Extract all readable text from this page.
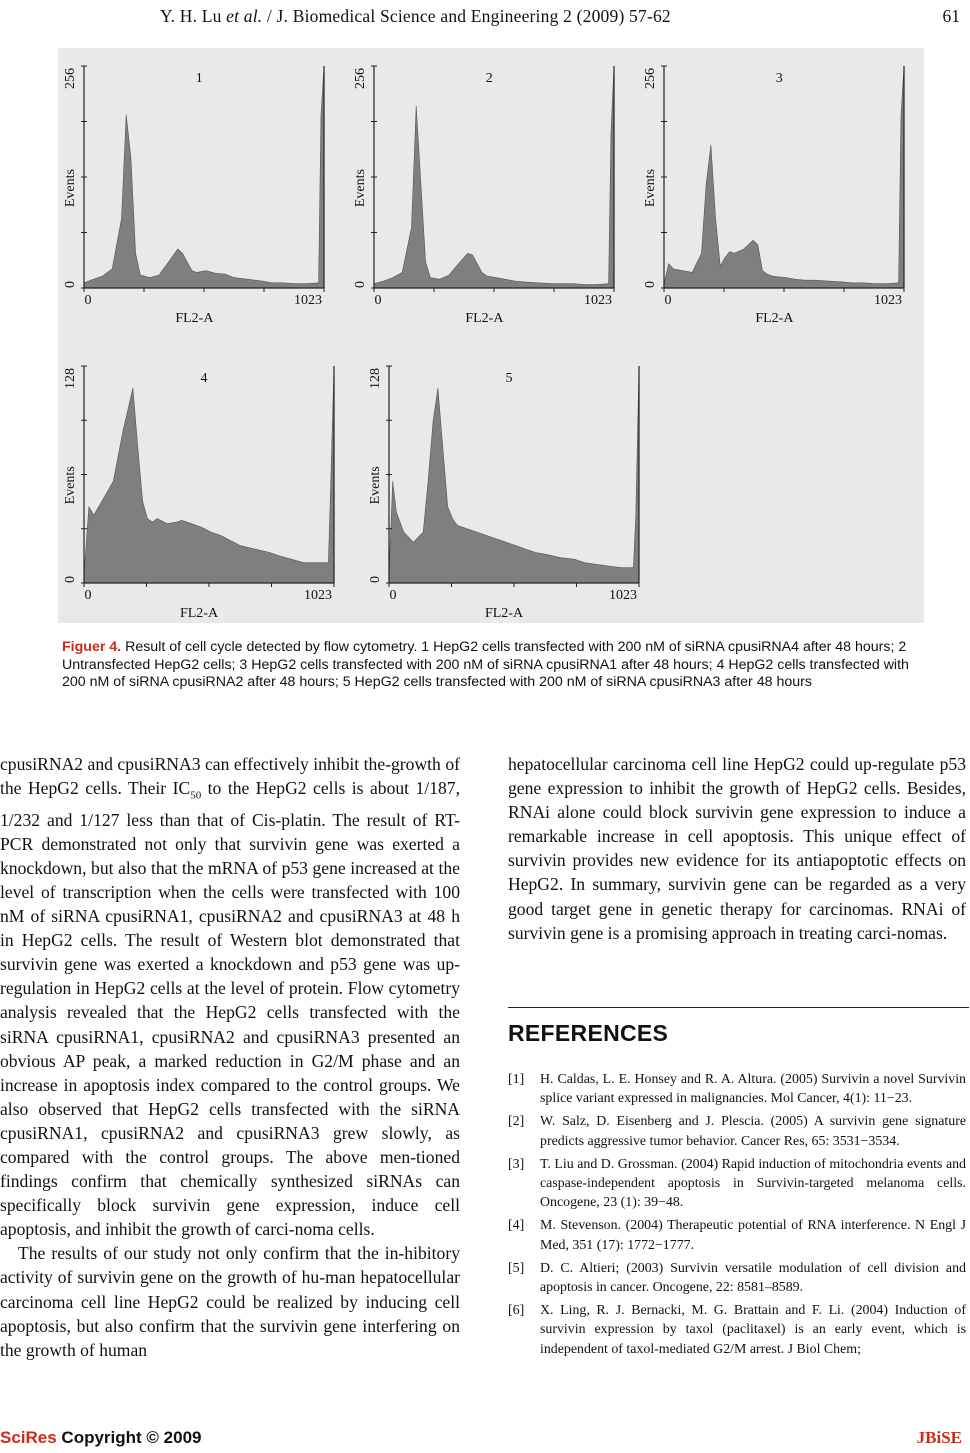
Y. H. Lu et al. / J. Biomedical Science and Engineering 2 (2009) 57-62	61
256
0
Events
0	1023
FL2-A
1	256
0
Events
0	1023
FL2-A
2	256
0
Events
0	1023
FL2-A
3
128
0
Events
0	1023
FL2-A
4	128
0
Events
0	1023
FL2-A
5
Figuer 4. Result of cell cycle detected by flow cytometry. 1 HepG2 cells transfected with 200 nM of siRNA cpusiRNA4 after 48 hours; 2 Untransfected HepG2 cells; 3 HepG2 cells transfected with 200 nM of siRNA cpusiRNA1 after 48 hours; 4 HepG2 cells transfected with 200 nM of siRNA cpusiRNA2 after 48 hours; 5 HepG2 cells transfected with 200 nM of siRNA cpusiRNA3 after 48 hours

cpusiRNA2 and cpusiRNA3 can effectively inhibit the-growth of the HepG2 cells. Their $IC_{50}$ to the HepG2 cells is about 1/187, 1/232 and 1/127 less than that of Cis-platin. The result of RT-PCR demonstrated not only that survivin gene was exerted a knockdown, but also that the mRNA of p53 gene increased at the level of transcription when the cells were transfected with 100 nM of siRNA cpusiRNA1, cpusiRNA2 and cpusiRNA3 at 48 h in HepG2 cells. The result of Western blot demonstrated that survivin gene was exerted a knockdown and p53 gene was up-regulation in HepG2 cells at the level of protein. Flow cytometry analysis revealed that the HepG2 cells transfected with the siRNA cpusiRNA1, cpusiRNA2 and cpusiRNA3 presented an obvious AP peak, a marked reduction in G2/M phase and an increase in apoptosis index compared to the control groups. We also observed that HepG2 cells transfected with the siRNA cpusiRNA1, cpusiRNA2 and cpusiRNA3 grew slowly, as compared with the control groups. The above men-tioned findings confirm that chemically synthesized siRNAs can specifically block survivin gene expression, induce cell apoptosis, and inhibit the growth of carci-noma cells.

The results of our study not only confirm that the in-hibitory activity of survivin gene on the growth of hu-man hepatocellular carcinoma cell line HepG2 could be realized by inducing cell apoptosis, but also confirm that the survivin gene interfering on the growth of human

hepatocellular carcinoma cell line HepG2 could up-regulate p53 gene expression to inhibit the growth of HepG2 cells. Besides, RNAi alone could block survivin gene expression to induce a remarkable increase in cell apoptosis. This unique effect of survivin provides new evidence for its antiapoptotic effects on HepG2. In summary, survivin gene can be regarded as a very good target gene in genetic therapy for carcinomas. RNAi of survivin gene is a promising approach in treating carci-nomas.

REFERENCES
[1] H. Caldas, L. E. Honsey and R. A. Altura. (2005) Survivin a novel Survivin splice variant expressed in malignancies. Mol Cancer, 4(1): 11−23.
[2] W. Salz, D. Eisenberg and J. Plescia. (2005) A survivin gene signature predicts aggressive tumor behavior. Cancer Res, 65: 3531−3534.
[3] T. Liu and D. Grossman. (2004) Rapid induction of mitochondria events and caspase-independent apoptosis in Survivin-targeted melanoma cells. Oncogene, 23 (1): 39−48.
[4] M. Stevenson. (2004) Therapeutic potential of RNA interference. N Engl J Med, 351 (17): 1772−1777.
[5] D. C. Altieri; (2003) Survivin versatile modulation of cell division and apoptosis in cancer. Oncogene, 22: 8581–8589.
[6] X. Ling, R. J. Bernacki, M. G. Brattain and F. Li. (2004) Induction of survivin expression by taxol (paclitaxel) is an early event, which is independent of taxol-mediated G2/M arrest. J Biol Chem;
SciRes Copyright © 2009	JBiSE
